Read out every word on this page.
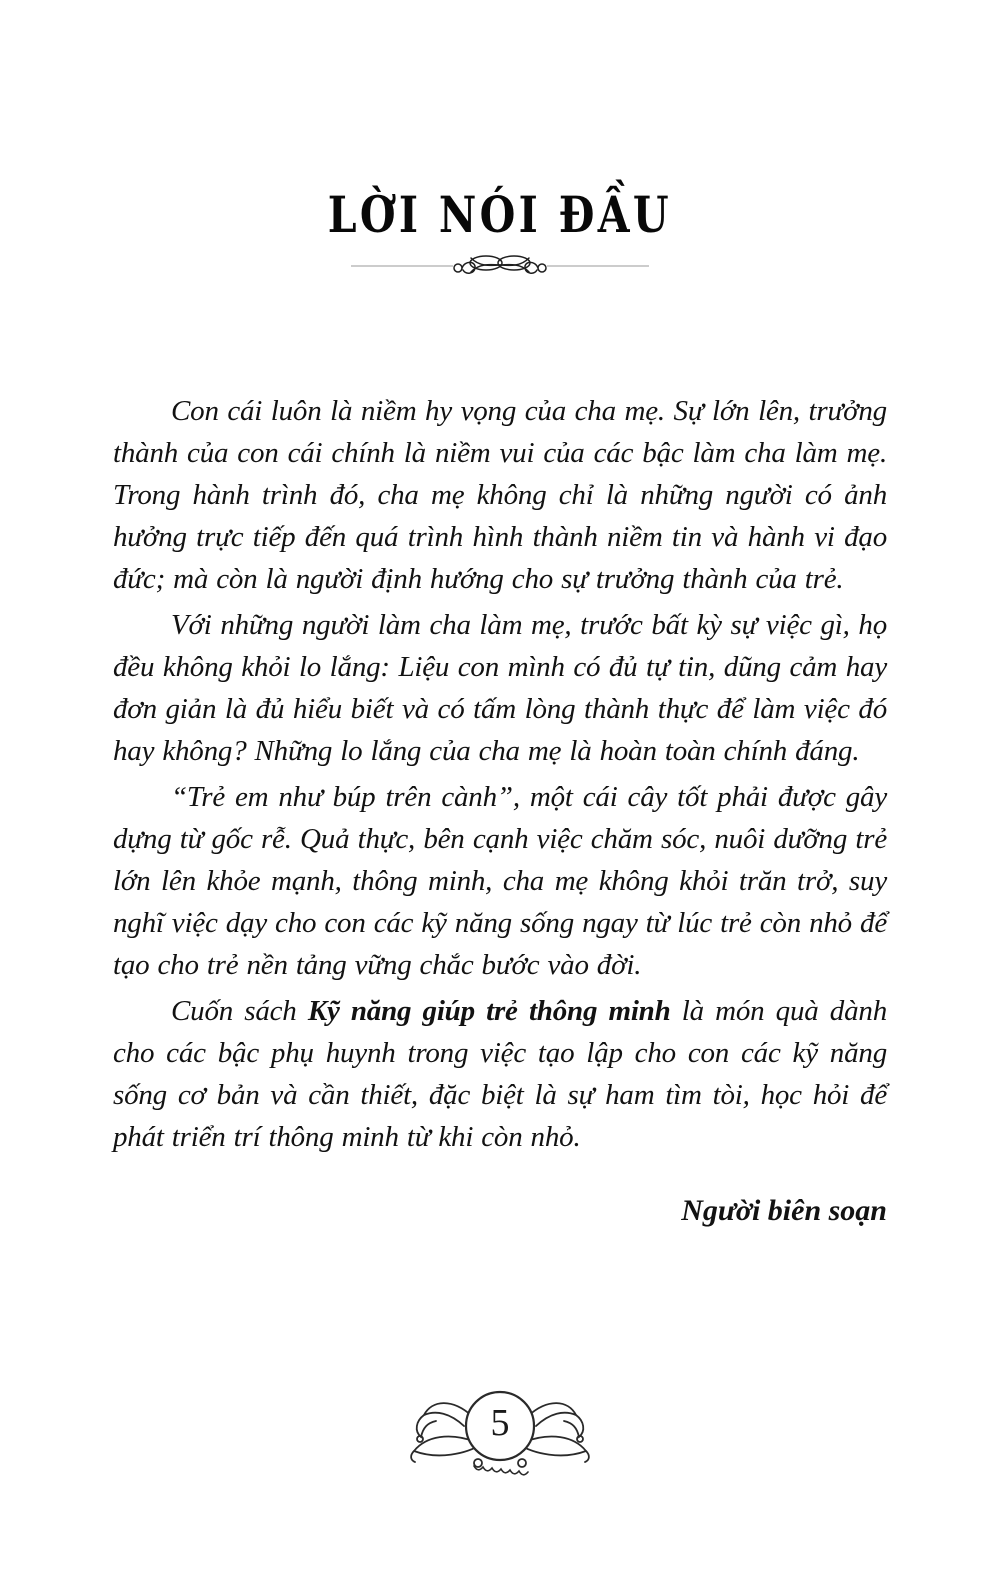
LỜI NÓI ĐẦU

Con cái luôn là niềm hy vọng của cha mẹ. Sự lớn lên, trưởng thành của con cái chính là niềm vui của các bậc làm cha làm mẹ. Trong hành trình đó, cha mẹ không chỉ là những người có ảnh hưởng trực tiếp đến quá trình hình thành niềm tin và hành vi đạo đức; mà còn là người định hướng cho sự trưởng thành của trẻ.

Với những người làm cha làm mẹ, trước bất kỳ sự việc gì, họ đều không khỏi lo lắng: Liệu con mình có đủ tự tin, dũng cảm hay đơn giản là đủ hiểu biết và có tấm lòng thành thực để làm việc đó hay không? Những lo lắng của cha mẹ là hoàn toàn chính đáng.

“Trẻ em như búp trên cành”, một cái cây tốt phải được gây dựng từ gốc rễ. Quả thực, bên cạnh việc chăm sóc, nuôi dưỡng trẻ lớn lên khỏe mạnh, thông minh, cha mẹ không khỏi trăn trở, suy nghĩ việc dạy cho con các kỹ năng sống ngay từ lúc trẻ còn nhỏ để tạo cho trẻ nền tảng vững chắc bước vào đời.

Cuốn sách Kỹ năng giúp trẻ thông minh là món quà dành cho các bậc phụ huynh trong việc tạo lập cho con các kỹ năng sống cơ bản và cần thiết, đặc biệt là sự ham tìm tòi, học hỏi để phát triển trí thông minh từ khi còn nhỏ.

Người biên soạn

5
